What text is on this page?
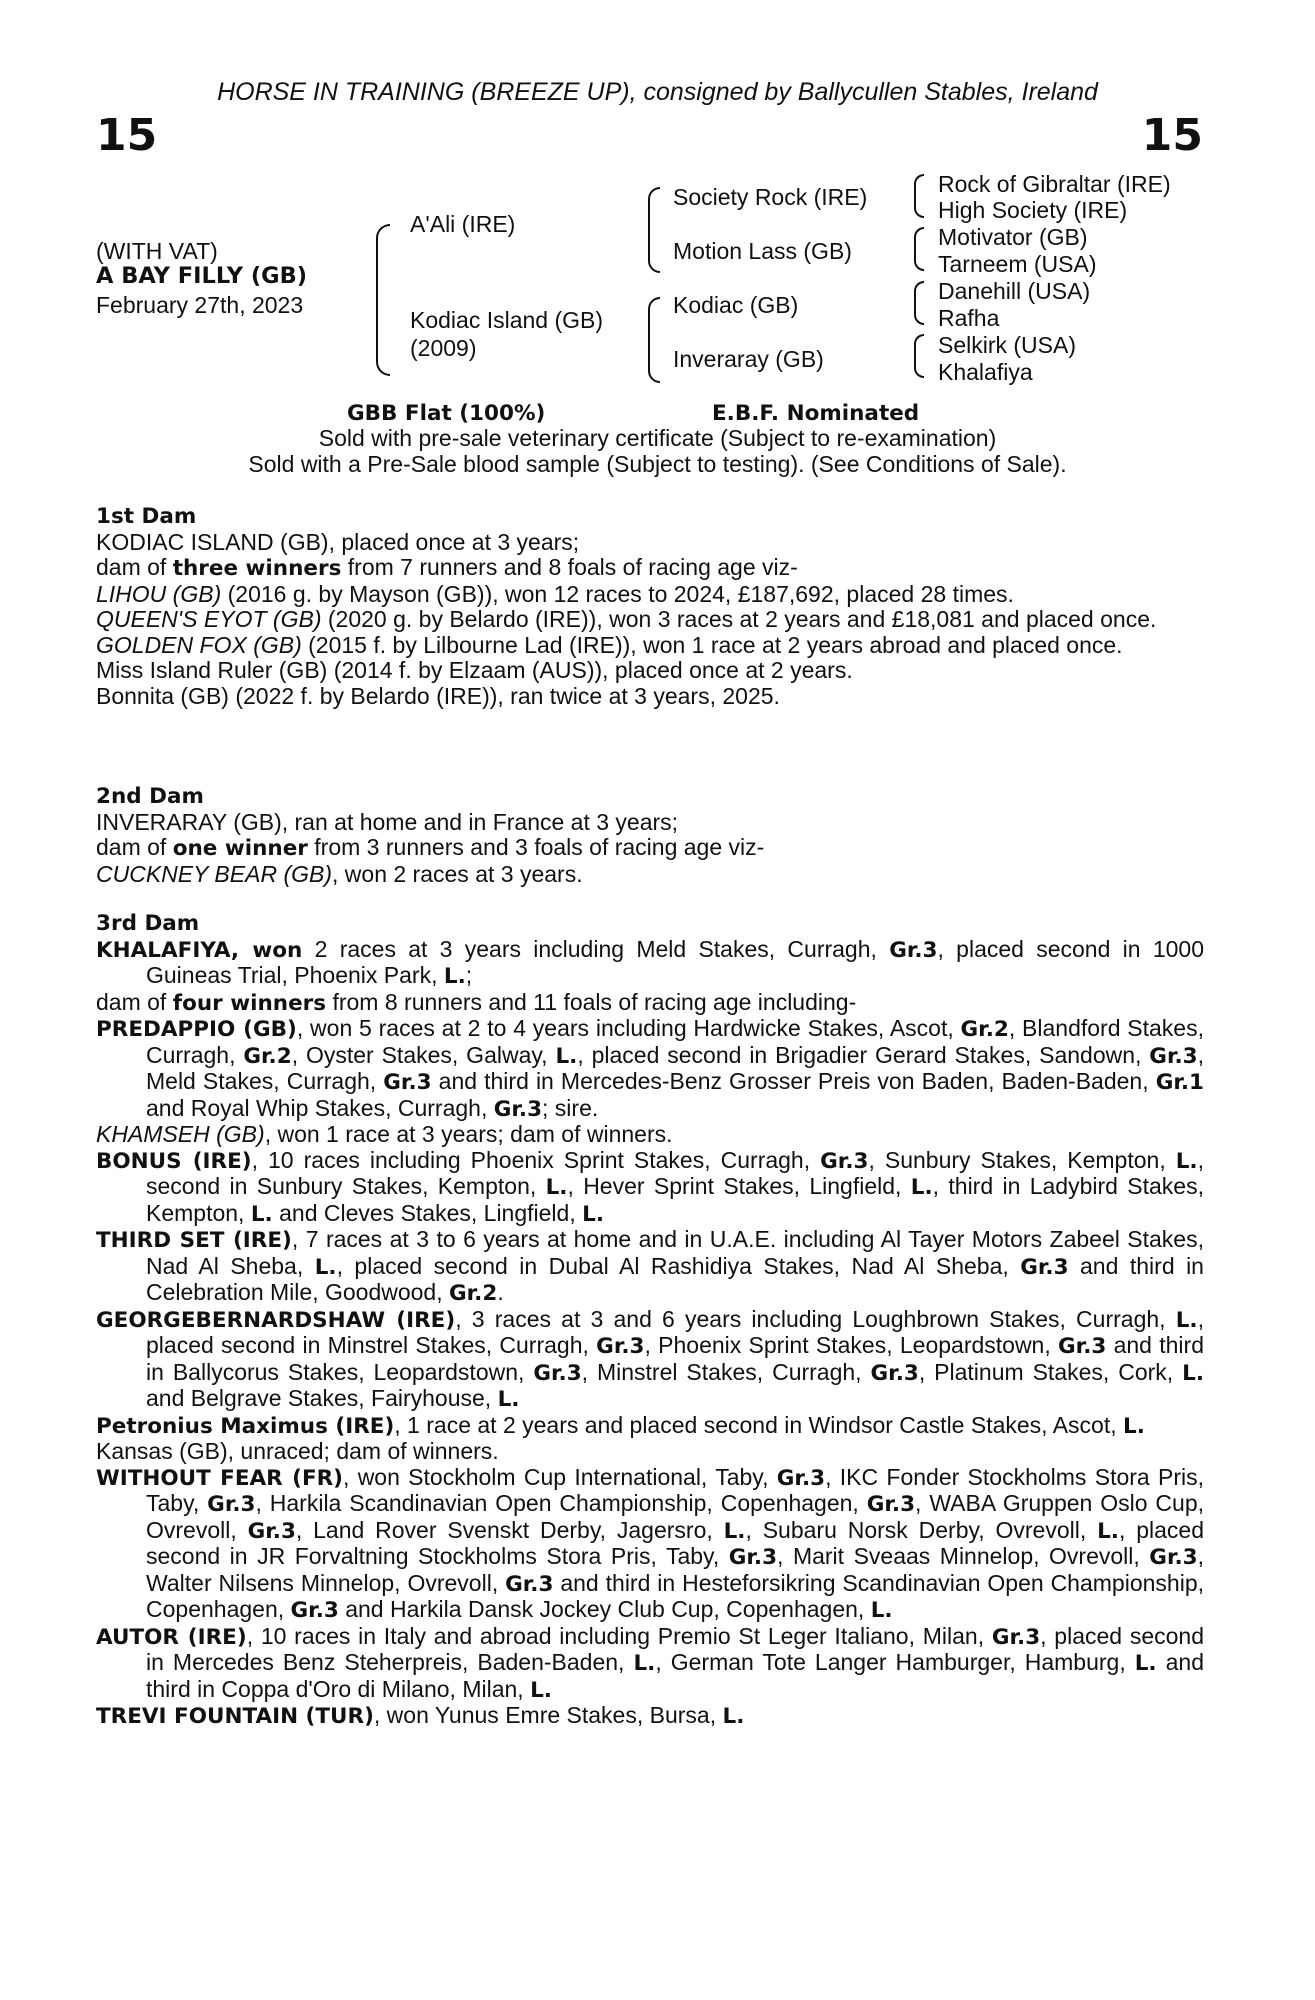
HORSE IN TRAINING (BREEZE UP), consigned by Ballycullen Stables, Ireland
15	15
(WITH VAT)
A BAY FILLY (GB)
February 27th, 2023
A'Ali (IRE)
Kodiac Island (GB)
(2009)
Society Rock (IRE)
Motion Lass (GB)
Kodiac (GB)
Inveraray (GB)
Rock of Gibraltar (IRE)
High Society (IRE)
Motivator (GB)
Tarneem (USA)
Danehill (USA)
Rafha
Selkirk (USA)
Khalafiya
GBB Flat (100%)	E.B.F. Nominated
Sold with pre-sale veterinary certificate (Subject to re-examination)
Sold with a Pre-Sale blood sample (Subject to testing). (See Conditions of Sale).

1st Dam

KODIAC ISLAND (GB), placed once at 3 years;

dam of three winners from 7 runners and 8 foals of racing age viz-

LIHOU (GB) (2016 g. by Mayson (GB)), won 12 races to 2024, £187,692, placed 28 times.

QUEEN'S EYOT (GB) (2020 g. by Belardo (IRE)), won 3 races at 2 years and £18,081 and placed once.

GOLDEN FOX (GB) (2015 f. by Lilbourne Lad (IRE)), won 1 race at 2 years abroad and placed once.

Miss Island Ruler (GB) (2014 f. by Elzaam (AUS)), placed once at 2 years.

Bonnita (GB) (2022 f. by Belardo (IRE)), ran twice at 3 years, 2025.

2nd Dam

INVERARAY (GB), ran at home and in France at 3 years;

dam of one winner from 3 runners and 3 foals of racing age viz-

CUCKNEY BEAR (GB), won 2 races at 3 years.

3rd Dam

KHALAFIYA, won 2 races at 3 years including Meld Stakes, Curragh, Gr.3, placed second in 1000 Guineas Trial, Phoenix Park, L.;

dam of four winners from 8 runners and 11 foals of racing age including-

PREDAPPIO (GB), won 5 races at 2 to 4 years including Hardwicke Stakes, Ascot, Gr.2, Blandford Stakes, Curragh, Gr.2, Oyster Stakes, Galway, L., placed second in Brigadier Gerard Stakes, Sandown, Gr.3, Meld Stakes, Curragh, Gr.3 and third in Mercedes-Benz Grosser Preis von Baden, Baden-Baden, Gr.1 and Royal Whip Stakes, Curragh, Gr.3; sire.

KHAMSEH (GB), won 1 race at 3 years; dam of winners.

BONUS (IRE), 10 races including Phoenix Sprint Stakes, Curragh, Gr.3, Sunbury Stakes, Kempton, L., second in Sunbury Stakes, Kempton, L., Hever Sprint Stakes, Lingfield, L., third in Ladybird Stakes, Kempton, L. and Cleves Stakes, Lingfield, L.

THIRD SET (IRE), 7 races at 3 to 6 years at home and in U.A.E. including Al Tayer Motors Zabeel Stakes, Nad Al Sheba, L., placed second in Dubal Al Rashidiya Stakes, Nad Al Sheba, Gr.3 and third in Celebration Mile, Goodwood, Gr.2.

GEORGEBERNARDSHAW (IRE), 3 races at 3 and 6 years including Loughbrown Stakes, Curragh, L., placed second in Minstrel Stakes, Curragh, Gr.3, Phoenix Sprint Stakes, Leopardstown, Gr.3 and third in Ballycorus Stakes, Leopardstown, Gr.3, Minstrel Stakes, Curragh, Gr.3, Platinum Stakes, Cork, L. and Belgrave Stakes, Fairyhouse, L.

Petronius Maximus (IRE), 1 race at 2 years and placed second in Windsor Castle Stakes, Ascot, L.

Kansas (GB), unraced; dam of winners.

WITHOUT FEAR (FR), won Stockholm Cup International, Taby, Gr.3, IKC Fonder Stockholms Stora Pris, Taby, Gr.3, Harkila Scandinavian Open Championship, Copenhagen, Gr.3, WABA Gruppen Oslo Cup, Ovrevoll, Gr.3, Land Rover Svenskt Derby, Jagersro, L., Subaru Norsk Derby, Ovrevoll, L., placed second in JR Forvaltning Stockholms Stora Pris, Taby, Gr.3, Marit Sveaas Minnelop, Ovrevoll, Gr.3, Walter Nilsens Minnelop, Ovrevoll, Gr.3 and third in Hesteforsikring Scandinavian Open Championship, Copenhagen, Gr.3 and Harkila Dansk Jockey Club Cup, Copenhagen, L.

AUTOR (IRE), 10 races in Italy and abroad including Premio St Leger Italiano, Milan, Gr.3, placed second in Mercedes Benz Steherpreis, Baden-Baden, L., German Tote Langer Hamburger, Hamburg, L. and third in Coppa d'Oro di Milano, Milan, L.

TREVI FOUNTAIN (TUR), won Yunus Emre Stakes, Bursa, L.
